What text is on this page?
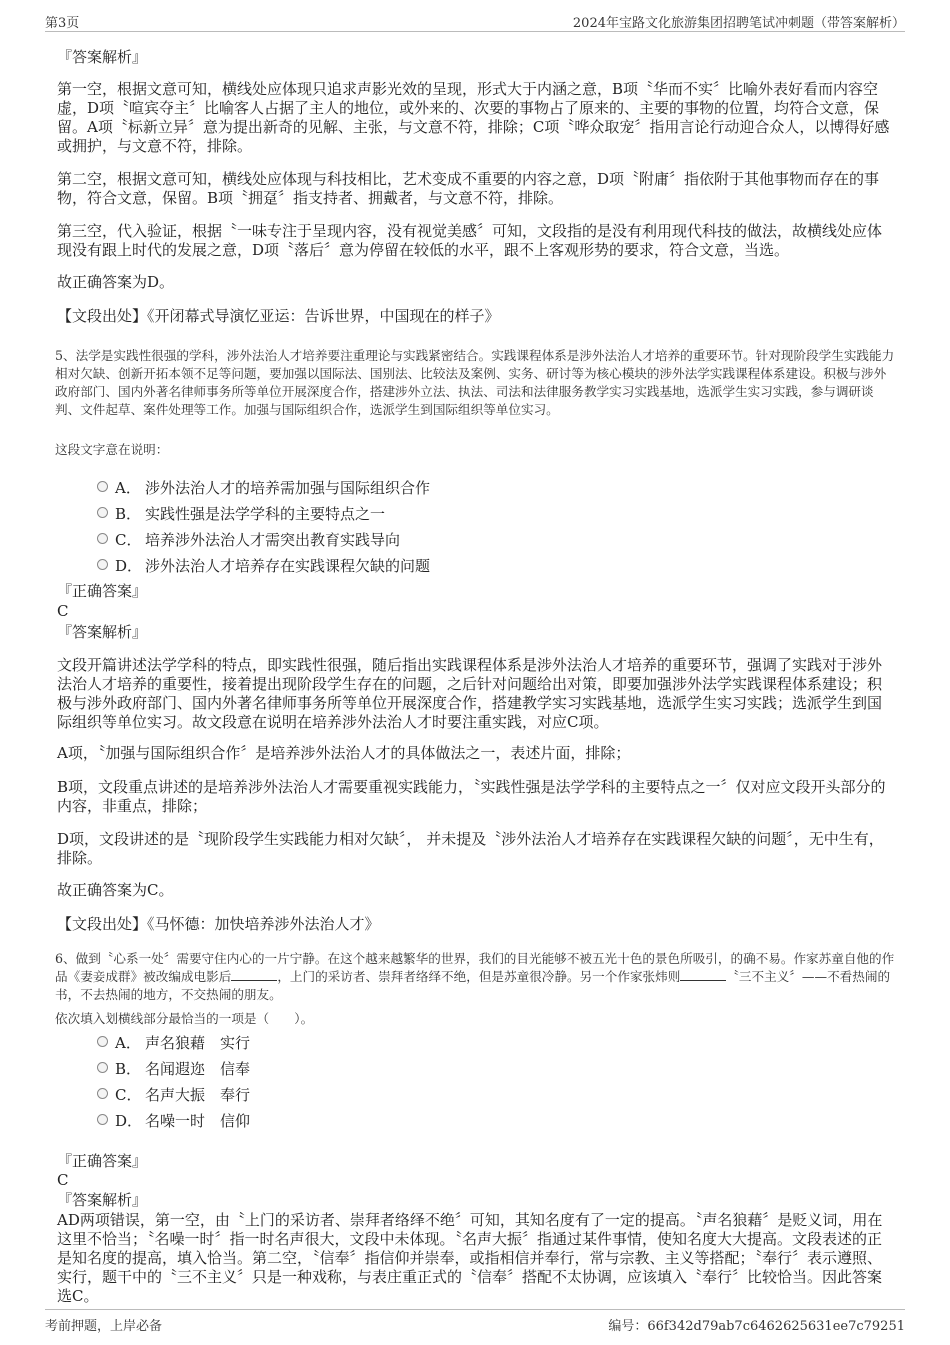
第3页	2024年宝路文化旅游集团招聘笔试冲刺题（带答案解析）
『答案解析』
第一空，根据文意可知，横线处应体现只追求声影光效的呈现，形式大于内涵之意，B项〝华而不实〞比喻外表好看而内容空虚，D项〝喧宾夺主〞比喻客人占据了主人的地位，或外来的、次要的事物占了原来的、主要的事物的位置，均符合文意，保留。A项〝标新立异〞意为提出新奇的见解、主张，与文意不符，排除；C项〝哗众取宠〞指用言论行动迎合众人，以博得好感或拥护，与文意不符，排除。
第二空，根据文意可知，横线处应体现与科技相比，艺术变成不重要的内容之意，D项〝附庸〞指依附于其他事物而存在的事物，符合文意，保留。B项〝拥趸〞指支持者、拥戴者，与文意不符，排除。
第三空，代入验证，根据〝一味专注于呈现内容，没有视觉美感〞可知，文段指的是没有利用现代科技的做法，故横线处应体现没有跟上时代的发展之意，D项〝落后〞意为停留在较低的水平，跟不上客观形势的要求，符合文意，当选。
故正确答案为D。
【文段出处】《开闭幕式导演忆亚运：告诉世界，中国现在的样子》
5、法学是实践性很强的学科，涉外法治人才培养要注重理论与实践紧密结合。实践课程体系是涉外法治人才培养的重要环节。针对现阶段学生实践能力相对欠缺、创新开拓本领不足等问题，要加强以国际法、国别法、比较法及案例、实务、研讨等为核心模块的涉外法学实践课程体系建设。积极与涉外政府部门、国内外著名律师事务所等单位开展深度合作，搭建涉外立法、执法、司法和法律服务教学实习实践基地，选派学生实习实践，参与调研谈判、文件起草、案件处理等工作。加强与国际组织合作，选派学生到国际组织等单位实习。
这段文字意在说明：
A． 涉外法治人才的培养需加强与国际组织合作
B． 实践性强是法学学科的主要特点之一
C． 培养涉外法治人才需突出教育实践导向
D． 涉外法治人才培养存在实践课程欠缺的问题
『正确答案』
C
『答案解析』
文段开篇讲述法学学科的特点，即实践性很强，随后指出实践课程体系是涉外法治人才培养的重要环节，强调了实践对于涉外法治人才培养的重要性，接着提出现阶段学生存在的问题，之后针对问题给出对策，即要加强涉外法学实践课程体系建设；积极与涉外政府部门、国内外著名律师事务所等单位开展深度合作，搭建教学实习实践基地，选派学生实习实践；选派学生到国际组织等单位实习。故文段意在说明在培养涉外法治人才时要注重实践，对应C项。
A项，〝加强与国际组织合作〞是培养涉外法治人才的具体做法之一，表述片面，排除；
B项，文段重点讲述的是培养涉外法治人才需要重视实践能力，〝实践性强是法学学科的主要特点之一〞仅对应文段开头部分的内容，非重点，排除；
D项，文段讲述的是〝现阶段学生实践能力相对欠缺〞， 并未提及〝涉外法治人才培养存在实践课程欠缺的问题〞，无中生有，排除。
故正确答案为C。
【文段出处】《马怀德：加快培养涉外法治人才》
6、做到〝心系一处〞需要守住内心的一片宁静。在这个越来越繁华的世界，我们的目光能够不被五光十色的景色所吸引，的确不易。作家苏童自他的作品《妻妾成群》被改编成电影后	，上门的采访者、崇拜者络绎不绝，但是苏童很冷静。另一个作家张炜则	〝三不主义〞——不看热闹的书，不去热闹的地方，不交热闹的朋友。
依次填入划横线部分最恰当的一项是（　　）。
A． 声名狼藉　实行
B． 名闻遐迩　信奉
C． 名声大振　奉行
D． 名噪一时　信仰
『正确答案』
C
『答案解析』
AD两项错误，第一空，由〝上门的采访者、崇拜者络绎不绝〞可知，其知名度有了一定的提高。〝声名狼藉〞是贬义词，用在这里不恰当；〝名噪一时〞指一时名声很大，文段中未体现。〝名声大振〞指通过某件事情，使知名度大大提高。文段表述的正是知名度的提高，填入恰当。第二空，〝信奉〞指信仰并崇奉，或指相信并奉行，常与宗教、主义等搭配；〝奉行〞表示遵照、实行，题干中的〝三不主义〞只是一种戏称，与表庄重正式的〝信奉〞搭配不太协调，应该填入〝奉行〞比较恰当。因此答案选C。
考前押题，上岸必备	编号：66f342d79ab7c6462625631ee7c79251
